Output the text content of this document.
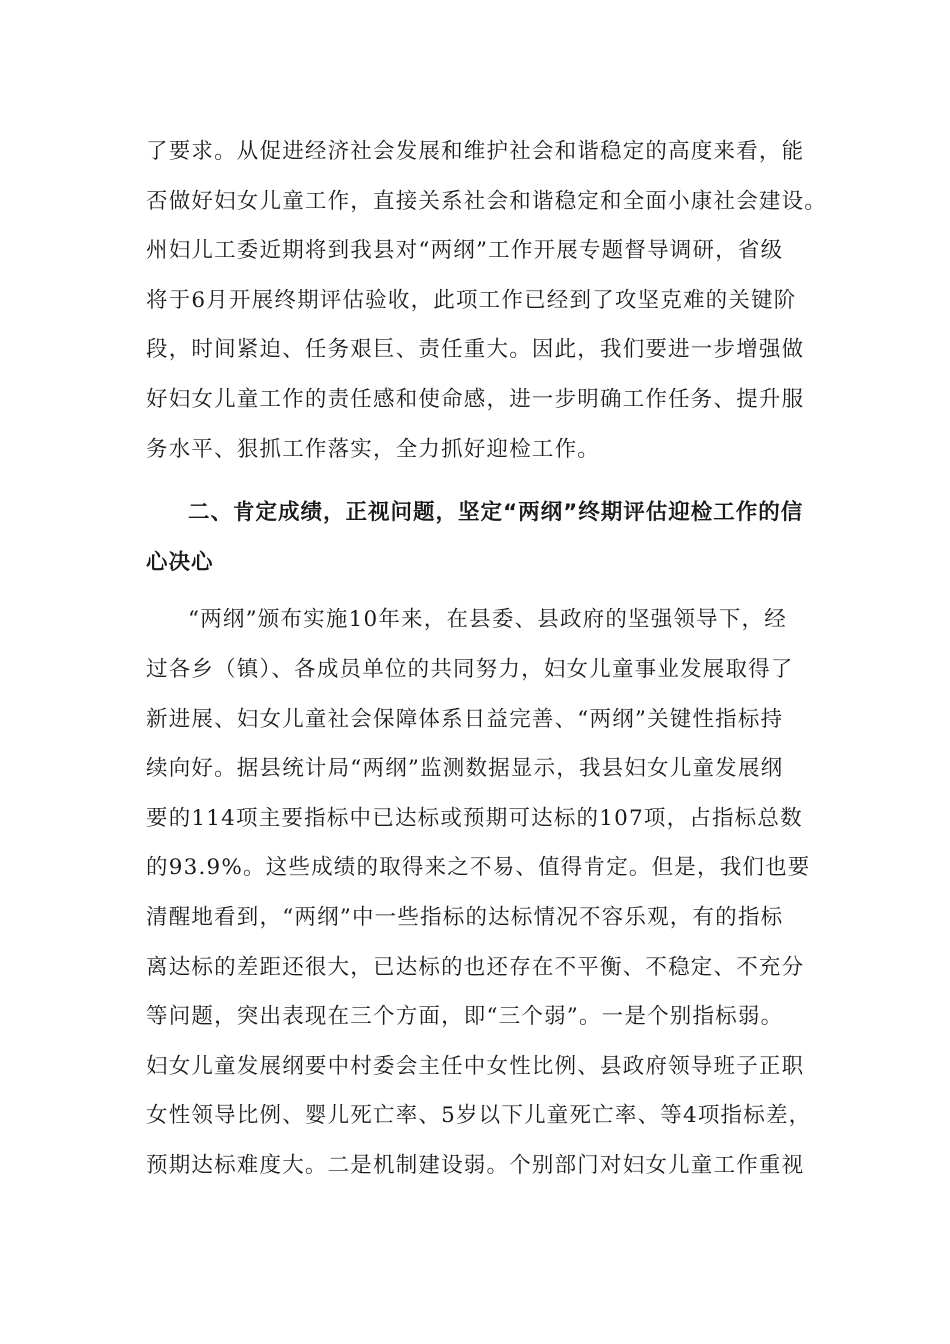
了要求。从促进经济社会发展和维护社会和谐稳定的高度来看，能
否做好妇女儿童工作，直接关系社会和谐稳定和全面小康社会建设。
州妇儿工委近期将到我县对“两纲”工作开展专题督导调研，省级
将于6月开展终期评估验收，此项工作已经到了攻坚克难的关键阶
段，时间紧迫、任务艰巨、责任重大。因此，我们要进一步增强做
好妇女儿童工作的责任感和使命感，进一步明确工作任务、提升服
务水平、狠抓工作落实，全力抓好迎检工作。
二、肯定成绩，正视问题，坚定“两纲”终期评估迎检工作的信
心决心
“两纲”颁布实施10年来，在县委、县政府的坚强领导下，经
过各乡（镇）、各成员单位的共同努力，妇女儿童事业发展取得了
新进展、妇女儿童社会保障体系日益完善、“两纲”关键性指标持
续向好。据县统计局“两纲”监测数据显示，我县妇女儿童发展纲
要的114项主要指标中已达标或预期可达标的107项，占指标总数
的93.9%。这些成绩的取得来之不易、值得肯定。但是，我们也要
清醒地看到，“两纲”中一些指标的达标情况不容乐观，有的指标
离达标的差距还很大，已达标的也还存在不平衡、不稳定、不充分
等问题，突出表现在三个方面，即“三个弱”。一是个别指标弱。
妇女儿童发展纲要中村委会主任中女性比例、县政府领导班子正职
女性领导比例、婴儿死亡率、5岁以下儿童死亡率、等4项指标差，
预期达标难度大。二是机制建设弱。个别部门对妇女儿童工作重视
